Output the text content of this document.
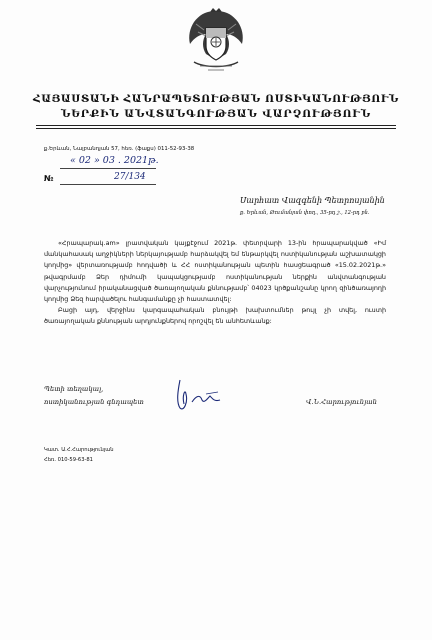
ՀԱՅԱՍՏԱՆԻ ՀԱՆՐԱՊԵՏՈՒԹՅԱՆ ՈՍՏԻԿԱՆՈՒԹՅՈՒՆ
ՆԵՐՔԻՆ ԱՆՎՏԱՆԳՈՒԹՅԱՆ ՎԱՐՉՈՒԹՅՈՒՆ
ք.Երևան, Նալբանդյան 57, հեռ. (ֆաքս) 011-52-93-38
« 02 » 03 . 2021թ.
№	27/134
Սարհատ Վազգենի Պետրոսյանին
ք. Երևան, Թումանյան փող., 35-րդ շ., 12-րդ բն.

«Հրապարակ.am» լրատվական կայքէջում 2021թ. փետրվարի 13-ին հրապարակված «Իմ մանկահասակ աղջիկների ներկայությամբ հարձակվել եմ ենթարկվել ոստիկանության աշխատակցի կողմից» վերտառությամբ հոդվածի և ՀՀ ոստիկանության պետին հասցեագրած «15.02.2021թ.» թվագրմամբ Ձեր դիմումի կապակցությամբ ոստիկանության ներքին անվտանգության վարչությունում իրականացված ծառայողական քննությամբ՝ 04023 կրծքանշանը կրող զինծառայողի կողմից Ձեզ հարվածելու հանգամանքը չի հաստատվել:

Բացի այդ, վերջինս կարգապահական բնույթի խախտումներ թույլ չի տվել, ուստի ծառայողական քննության արդյունքներով որոշվել են անհետևանք:

Պետի տեղակալ,
ոստիկանության գնդապետ	Վ.Ն.Հարությունյան
Կատ. Ա.Հ.Հարությունյան
Հեռ. 010-59-63-81
